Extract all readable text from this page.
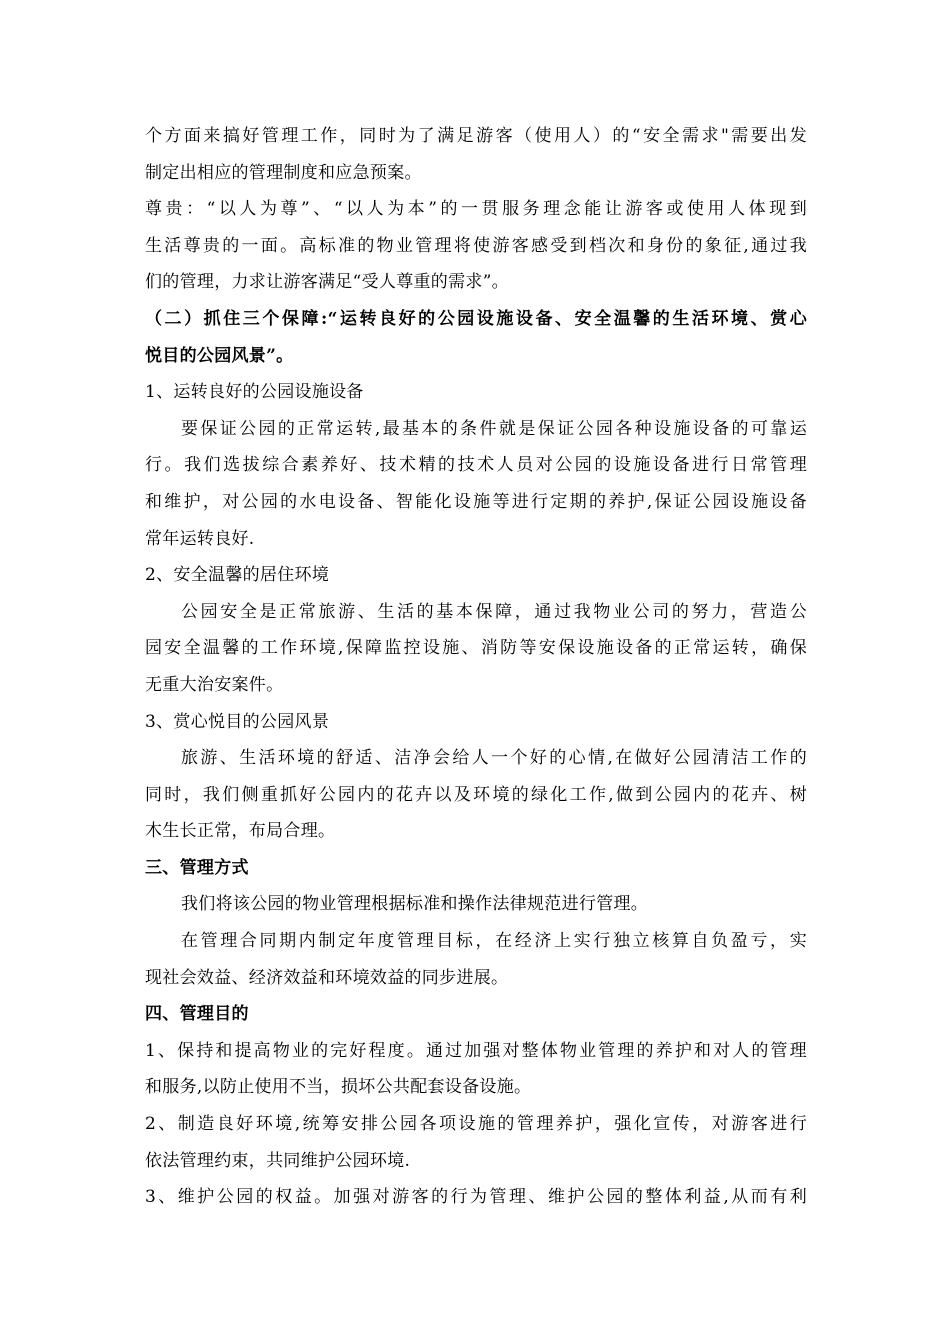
个方面来搞好管理工作，同时为了满足游客（使用人）的“安全需求"需要出发
制定出相应的管理制度和应急预案。
尊贵：“以人为尊”、“以人为本”的一贯服务理念能让游客或使用人体现到
生活尊贵的一面。高标准的物业管理将使游客感受到档次和身份的象征,通过我
们的管理，力求让游客满足“受人尊重的需求”。
（二）抓住三个保障:“运转良好的公园设施设备、安全温馨的生活环境、赏心
悦目的公园风景”。
1、运转良好的公园设施设备
要保证公园的正常运转,最基本的条件就是保证公园各种设施设备的可靠运
行。我们选拔综合素养好、技术精的技术人员对公园的设施设备进行日常管理
和维护，对公园的水电设备、智能化设施等进行定期的养护,保证公园设施设备
常年运转良好.
2、安全温馨的居住环境
公园安全是正常旅游、生活的基本保障，通过我物业公司的努力，营造公
园安全温馨的工作环境,保障监控设施、消防等安保设施设备的正常运转，确保
无重大治安案件。
3、赏心悦目的公园风景
旅游、生活环境的舒适、洁净会给人一个好的心情,在做好公园清洁工作的
同时，我们侧重抓好公园内的花卉以及环境的绿化工作,做到公园内的花卉、树
木生长正常，布局合理。
三、管理方式
我们将该公园的物业管理根据标准和操作法律规范进行管理。
在管理合同期内制定年度管理目标，在经济上实行独立核算自负盈亏，实
现社会效益、经济效益和环境效益的同步进展。
四、管理目的
1、保持和提高物业的完好程度。通过加强对整体物业管理的养护和对人的管理
和服务,以防止使用不当，损坏公共配套设备设施。
2、制造良好环境,统筹安排公园各项设施的管理养护，强化宣传，对游客进行
依法管理约束，共同维护公园环境.
3、维护公园的权益。加强对游客的行为管理、维护公园的整体利益,从而有利
